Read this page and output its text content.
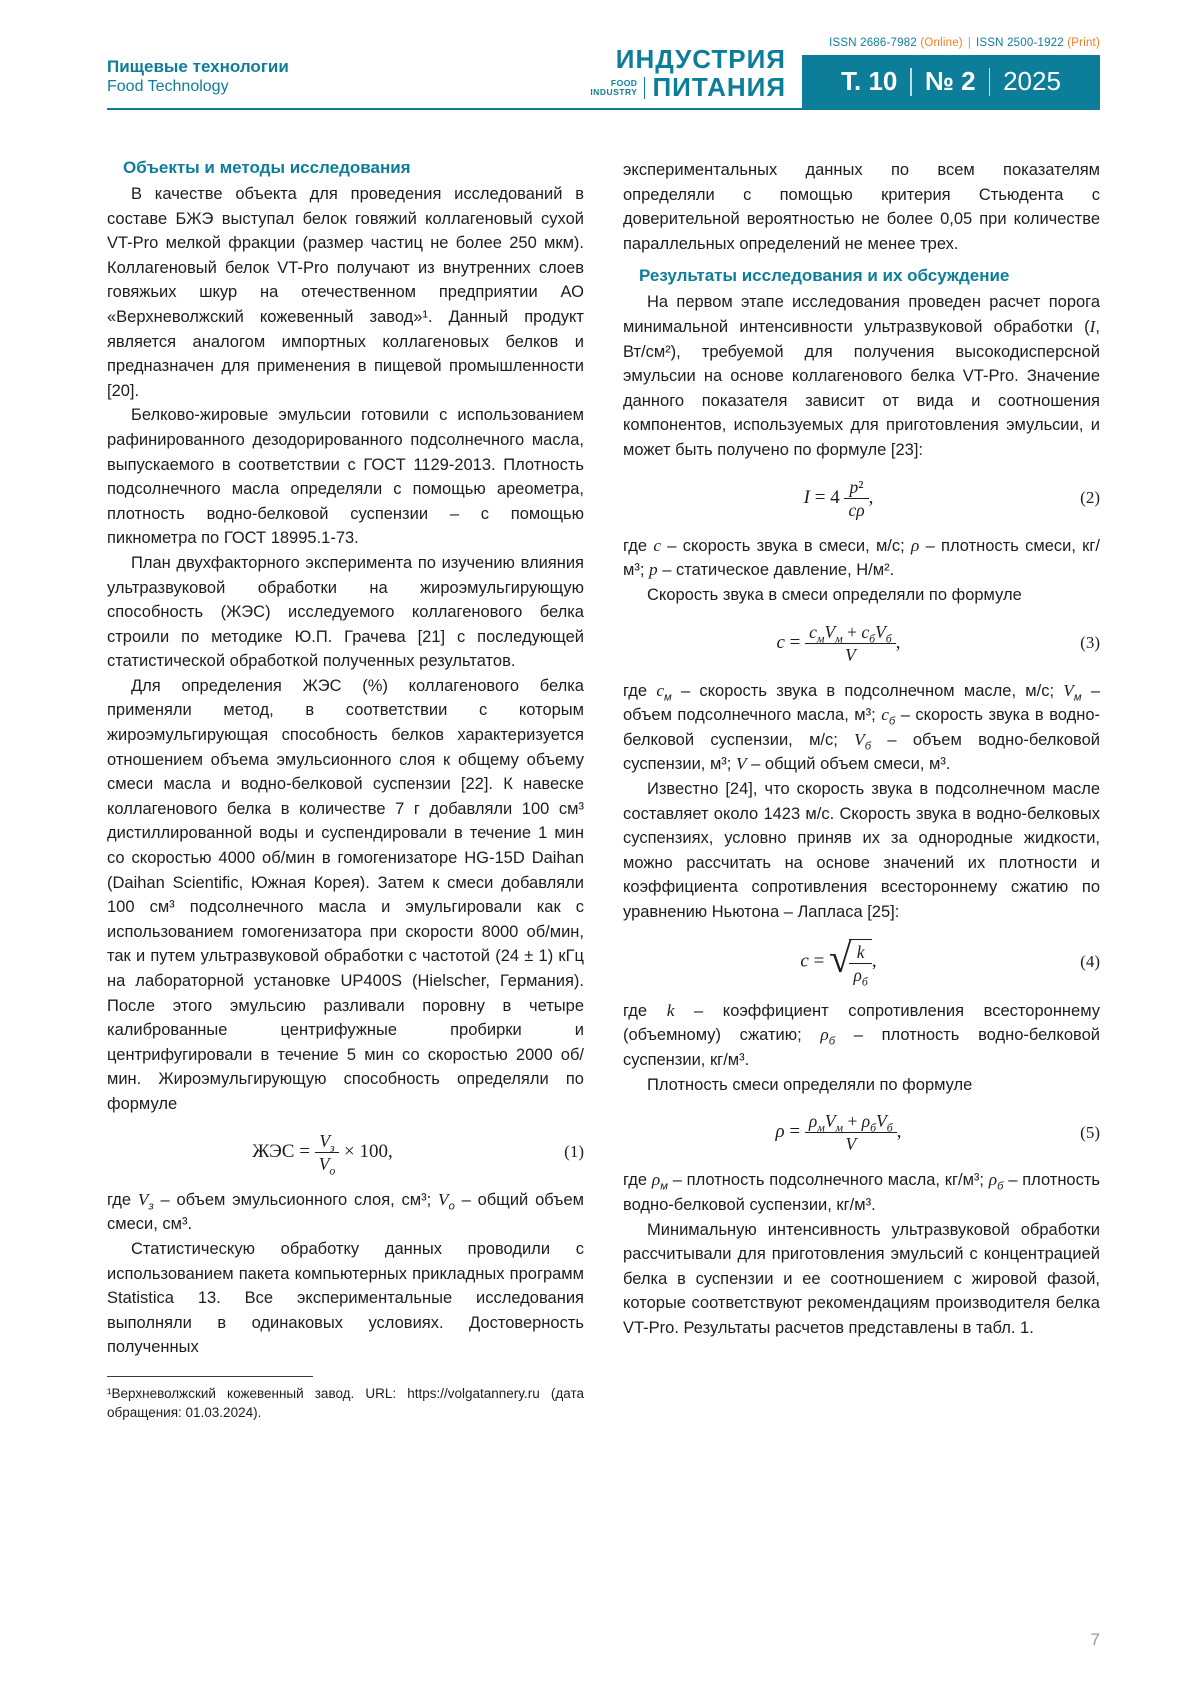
ISSN 2686-7982 (Online) | ISSN 2500-1922 (Print)
Пищевые технологии
Food Technology
ИНДУСТРИЯ
FOOD
INDUSTRY ПИТАНИЯ Т. 10 № 2 2025
Объекты и методы исследования

В качестве объекта для проведения исследований в составе БЖЭ выступал белок говяжий коллагеновый сухой VT-Pro мелкой фракции (размер частиц не более 250 мкм). Коллагеновый белок VT-Pro получают из внутренних слоев говяжьих шкур на отечественном предприятии АО «Верхневолжский кожевенный завод»¹. Данный продукт является аналогом импортных коллагеновых белков и предназначен для применения в пищевой промышленности [20].

Белково-жировые эмульсии готовили с использованием рафинированного дезодорированного подсолнечного масла, выпускаемого в соответствии с ГОСТ 1129-2013. Плотность подсолнечного масла определяли с помощью ареометра, плотность водно-белковой суспензии – с помощью пикнометра по ГОСТ 18995.1-73.

План двухфакторного эксперимента по изучению влияния ультразвуковой обработки на жироэмульгирующую способность (ЖЭС) исследуемого коллагенового белка строили по методике Ю.П. Грачева [21] с последующей статистической обработкой полученных результатов.

Для определения ЖЭС (%) коллагенового белка применяли метод, в соответствии с которым жироэмульгирующая способность белков характеризуется отношением объема эмульсионного слоя к общему объему смеси масла и водно-белковой суспензии [22]. К навеске коллагенового белка в количестве 7 г добавляли 100 см³ дистиллированной воды и суспендировали в течение 1 мин со скоростью 4000 об/мин в гомогенизаторе HG-15D Daihan (Daihan Scientific, Южная Корея). Затем к смеси добавляли 100 см³ подсолнечного масла и эмульгировали как с использованием гомогенизатора при скорости 8000 об/мин, так и путем ультразвуковой обработки с частотой (24 ± 1) кГц на лабораторной установке UP400S (Hielscher, Германия). После этого эмульсию разливали поровну в четыре калиброванные центрифужные пробирки и центрифугировали в течение 5 мин со скоростью 2000 об/мин. Жироэмульгирующую способность определяли по формуле

ЖЭС = $\frac{V_з}{V_о} \times 100$,	(1)

где $V_з$ – объем эмульсионного слоя, см³; $V_о$ – общий объем смеси, см³.

Статистическую обработку данных проводили с использованием пакета компьютерных прикладных программ Statistica 13. Все экспериментальные исследования выполняли в одинаковых условиях. Достоверность полученных

¹Верхневолжский кожевенный завод. URL: https://volgatannery.ru (дата обращения: 01.03.2024).

экспериментальных данных по всем показателям определяли с помощью критерия Стьюдента с доверительной вероятностью не более 0,05 при количестве параллельных определений не менее трех.

Результаты исследования и их обсуждение

На первом этапе исследования проведен расчет порога минимальной интенсивности ультразвуковой обработки (I, Вт/см²), требуемой для получения высокодисперсной эмульсии на основе коллагенового белка VT-Pro. Значение данного показателя зависит от вида и соотношения компонентов, используемых для приготовления эмульсии, и может быть получено по формуле [23]:

$I = 4 \frac{\text{p²}}{c\rho}$ ,	(2)

где c – скорость звука в смеси, м/с; ρ – плотность смеси, кг/м³; p – статическое давление, Н/м².

Скорость звука в смеси определяли по формуле

$c = \frac{c_мV_м + c_бV_б}{V}$ ,	(3)

где $c_м$ – скорость звука в подсолнечном масле, м/с; $V_м$ – объем подсолнечного масла, м³; $c_б$ – скорость звука в водно-белковой суспензии, м/с; $V_б$ – объем водно-белковой суспензии, м³; V – общий объем смеси, м³.

Известно [24], что скорость звука в подсолнечном масле составляет около 1423 м/с. Скорость звука в водно-белковых суспензиях, условно приняв их за однородные жидкости, можно рассчитать на основе значений их плотности и коэффициента сопротивления всестороннему сжатию по уравнению Ньютона – Лапласа [25]:

c = √
$\frac{k}{\rho_б}$ ,	(4)

где k – коэффициент сопротивления всестороннему (объемному) сжатию; $\rho_б$ – плотность водно-белковой суспензии, кг/м³.

Плотность смеси определяли по формуле

$\rho = \frac{\rho_мV_м + \rho_бV_б}{V}$ ,	(5)

где $\rho_м$ – плотность подсолнечного масла, кг/м³; $\rho_б$ – плотность водно-белковой суспензии, кг/м³.

Минимальную интенсивность ультразвуковой обработки рассчитывали для приготовления эмульсий с концентрацией белка в суспензии и ее соотношением с жировой фазой, которые соответствуют рекомендациям производителя белка VT-Pro. Результаты расчетов представлены в табл. 1.

7
